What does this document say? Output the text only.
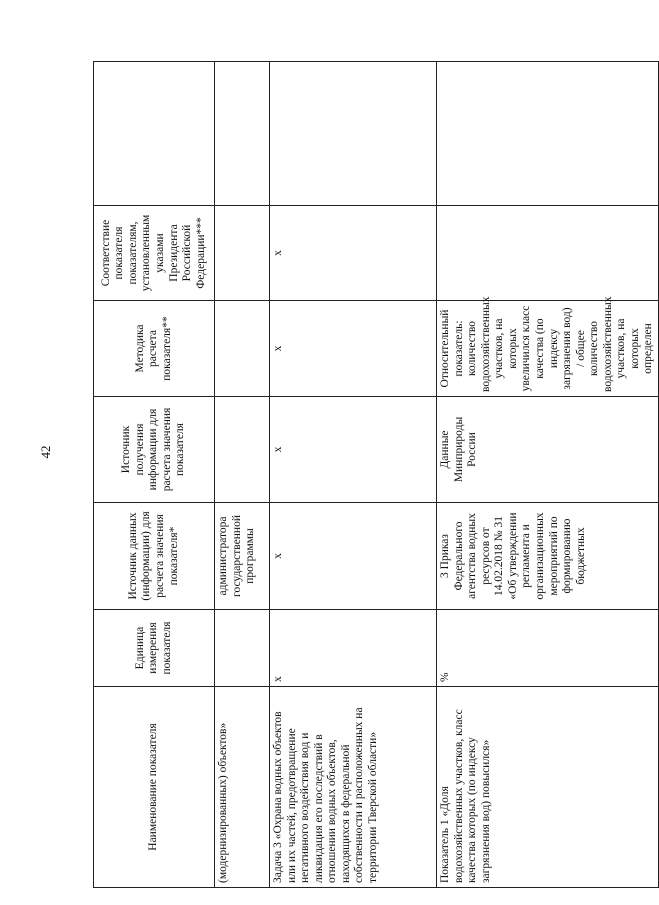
42
Наименование показателя	Единица измерения показателя	Источник данных (информации) для расчета значения показателя*	Источник получения информации для расчета значения показателя	Методика расчета показателя**	Соответствие показателя показателям, установленным указами Президента Российской Федерации***	
(модернизированных) объектов»		администратора государственной программы				
Задача 3 «Охрана водных объектов или их частей, предотвращение негативного воздействия вод и ликвидация его последствий в отношении водных объектов, находящихся в федеральной собственности и расположенных на территории Тверской области»	х	х	х	х	х	
Показатель 1 «Доля водохозяйственных участков, класс качества которых (по индексу загрязнения вод) повысился»	%	3 Приказ Федерального агентства водных ресурсов от 14.02.2018 № 31 «Об утверждении регламента и организационных мероприятий по формированию бюджетных	Данные Минприроды России	Относительный показатель: количество водохозяйственных участков, на которых увеличился класс качества (по индексу загрязнения вод) / общее количество водохозяйственных участков, на которых определен		
